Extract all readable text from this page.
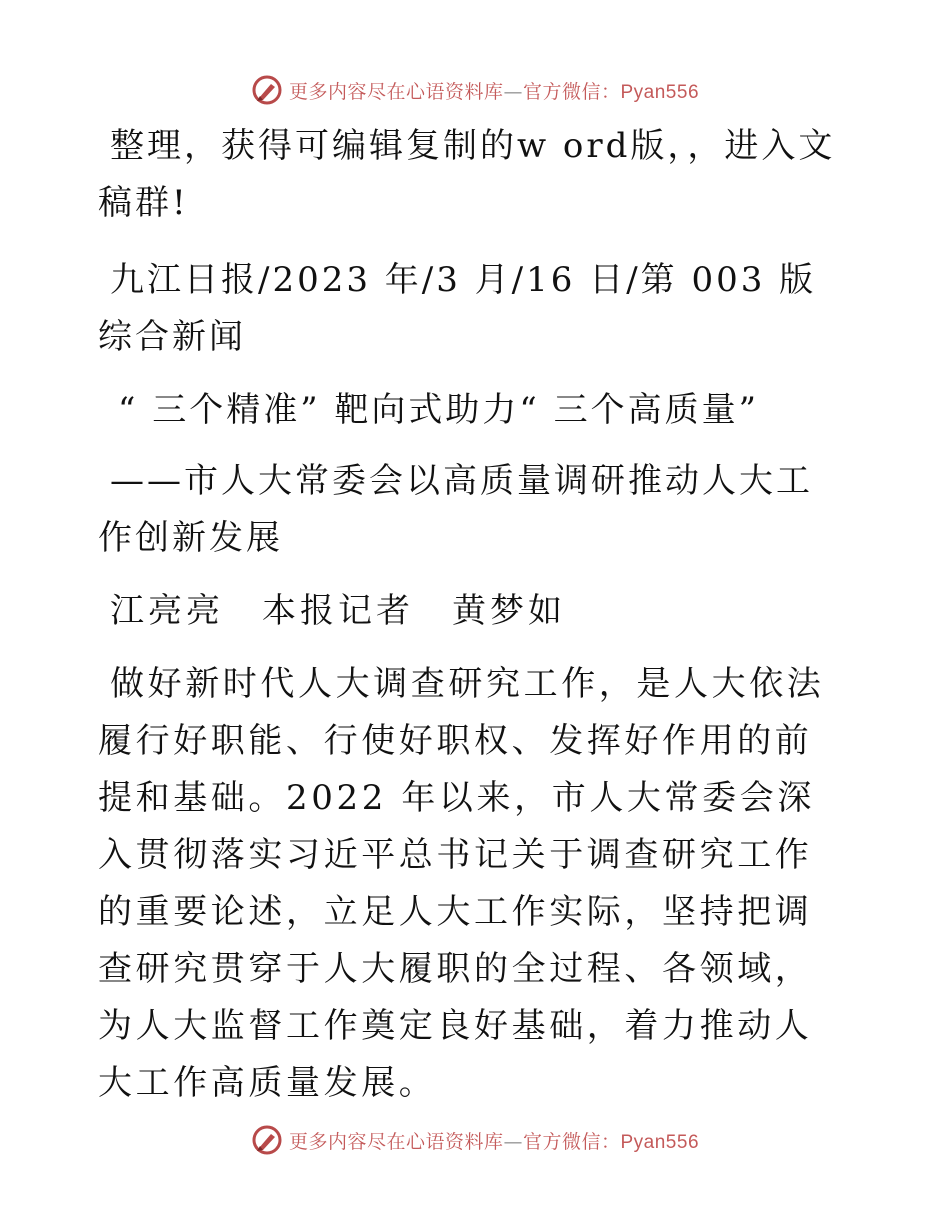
更多内容尽在心语资料库—官方微信：Pyan556

整理，获得可编辑复制的w ord版，，进入文稿群!

九江日报/2023 年/3 月/16 日/第 003 版综合新闻

“ 三个精准” 靶向式助力“ 三个高质量”

——市人大常委会以高质量调研推动人大工作创新发展

江亮亮　本报记者　黄梦如

做好新时代人大调查研究工作，是人大依法履行好职能、行使好职权、发挥好作用的前提和基础。2022 年以来，市人大常委会深入贯彻落实习近平总书记关于调查研究工作的重要论述，立足人大工作实际，坚持把调查研究贯穿于人大履职的全过程、各领域，为人大监督工作奠定良好基础，着力推动人大工作高质量发展。

更多内容尽在心语资料库—官方微信：Pyan556
